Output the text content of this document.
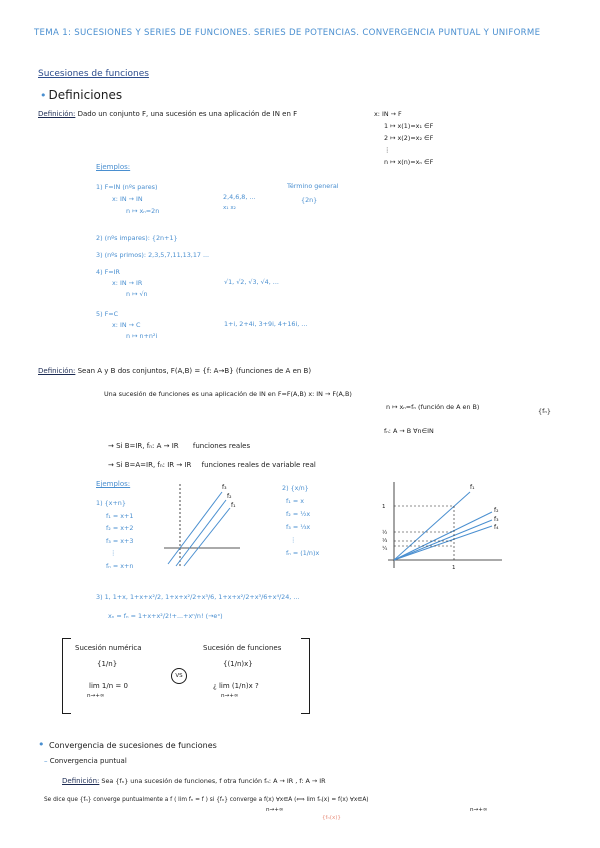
TEMA 1: SUCESIONES Y SERIES DE FUNCIONES. SERIES DE POTENCIAS. CONVERGENCIA PUNTUAL Y UNIFORME
Sucesiones de funciones
• Definiciones
Definición: Dado un conjunto F, una sucesión es una aplicación de IN en F	x: IN → F
1 ↦ x(1)=x₁ ∈F
2 ↦ x(2)=x₂ ∈F
⋮
n ↦ x(n)=xₙ ∈F
Ejemplos:
1) F=IN (nºs pares)
x: IN → IN
n ↦ xₙ=2n
2,4,6,8, ...
x₁ x₂
Término general
{2n}
2) (nºs impares): {2n+1}
3) (nºs primos): 2,3,5,7,11,13,17 ...
4) F=IR
x: IN → IR
n ↦ √n
√1, √2, √3, √4, ...
5) F=C
x: IN → C
n ↦ n+n²i
1+i, 2+4i, 3+9i, 4+16i, ...
Definición: Sean A y B dos conjuntos, F(A,B) = {f: A→B} (funciones de A en B)
Una sucesión de funciones es una aplicación de IN en F=F(A,B) x: IN → F(A,B)
n ↦ xₙ=fₙ (función de A en B)	{fₙ}
fₙ: A → B ∀n∈IN
→ Si B=IR, fₙ: A → IR funciones reales
→ Si B=A=IR, fₙ: IR → IR funciones reales de variable real
Ejemplos:
1) {x+n}
f₁ = x+1
f₂ = x+2
f₃ = x+3
⋮
fₙ = x+n
2) {x/n}
f₁ = x
f₂ = ½x
f₃ = ⅓x
⋮
fₙ = (1/n)x
f₃
f₂
f₁
f₁
f₂
f₃
f₄
1
½
⅓
¼
1
3) 1, 1+x, 1+x+x²/2, 1+x+x²/2+x³/6, 1+x+x²/2+x³/6+x⁴/24, ...
xₙ = fₙ = 1+x+x²/2!+...+xⁿ/n! (→eˣ)
Sucesión numérica
{1/n}
lim 1/n = 0
n→+∞
VS
Sucesión de funciones
{(1/n)x}
¿ lim (1/n)x ?
n→+∞
• Convergencia de sucesiones de funciones
– Convergencia puntual
Definición: Sea {fₙ} una sucesión de funciones, f otra función fₙ: A → IR , f: A → IR
Se dice que {fₙ} converge puntualmente a f ( lim fₙ = f ) si {fₙ} converge a f(x) ∀x∈A (⟺ lim fₙ(x) = f(x) ∀x∈A)
n→+∞	n→+∞
{fₙ(x)}
